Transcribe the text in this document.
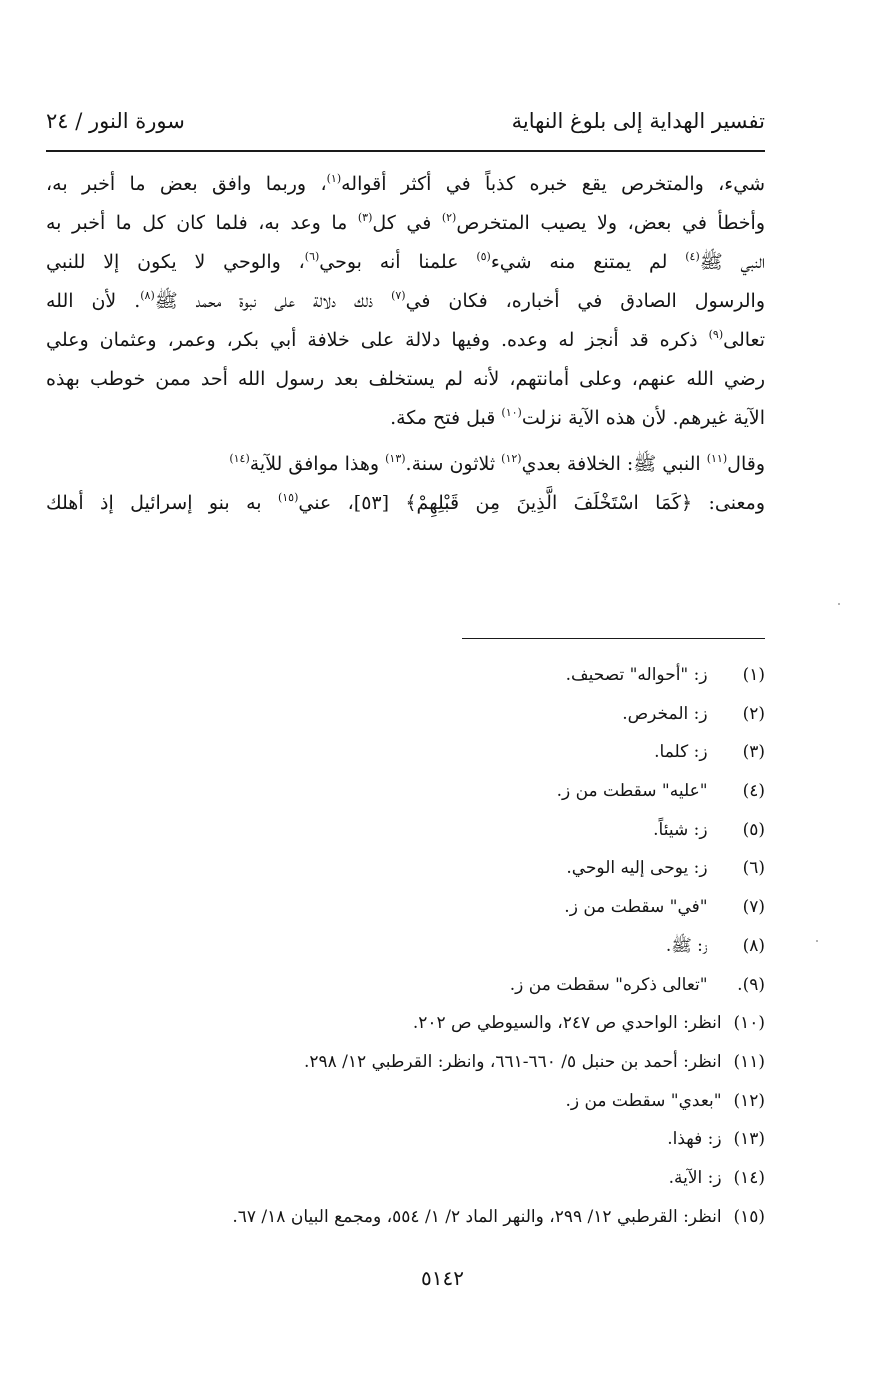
تفسير الهداية إلى بلوغ النهاية
سورة النور / ٢٤
شيء، والمتخرص يقع خبره كذباً في أكثر أقواله$^{(١)}$، وربما وافق بعض ما أخبر به،
وأخطأ في بعض، ولا يصيب المتخرص$^{(٢)}$ في كل$^{(٣)}$ ما وعد به، فلما كان كل ما أخبر به
النبي ﷺ$^{(٤)}$ لم يمتنع منه شيء$^{(٥)}$ علمنا أنه بوحي$^{(٦)}$، والوحي لا يكون إلا للنبي
والرسول الصادق في أخباره، فكان في$^{(٧)}$ ذلك دلالة على نبوة محمد ﷺ$^{(٨)}$. لأن الله
تعالى$^{(٩)}$ ذكره قد أنجز له وعده. وفيها دلالة على خلافة أبي بكر، وعمر، وعثمان وعلي
رضي الله عنهم، وعلى أمانتهم، لأنه لم يستخلف بعد رسول الله أحد ممن خوطب بهذه
الآية غيرهم. لأن هذه الآية نزلت$^{(١٠)}$ قبل فتح مكة.
وقال$^{(١١)}$ النبي ﷺ: الخلافة بعدي$^{(١٢)}$ ثلاثون سنة.$^{(١٣)}$ وهذا موافق للآية$^{(١٤)}$
ومعنى: ﴿كَمَا اسْتَخْلَفَ الَّذِينَ مِن قَبْلِهِمْ﴾ [٥٣]، عني$^{(١٥)}$ به بنو إسرائيل إذ أهلك
(١) ز: "أحواله" تصحيف.
(٢) ز: المخرص.
(٣) ز: كلما.
(٤) "عليه" سقطت من ز.
(٥) ز: شيئاً.
(٦) ز: يوحى إليه الوحي.
(٧) "في" سقطت من ز.
(٨) ز: ﷺ.
(٩). "تعالى ذكره" سقطت من ز.
(١٠) انظر: الواحدي ص ٢٤٧، والسيوطي ص ٢٠٢.
(١١) انظر: أحمد بن حنبل ٥/ ٦٦٠-٦٦١، وانظر: القرطبي ١٢/ ٢٩٨.
(١٢) "بعدي" سقطت من ز.
(١٣) ز: فهذا.
(١٤) ز: الآية.
(١٥) انظر: القرطبي ١٢/ ٢٩٩، والنهر الماد ٢/ ١/ ٥٥٤، ومجمع البيان ١٨/ ٦٧.
٥١٤٢
